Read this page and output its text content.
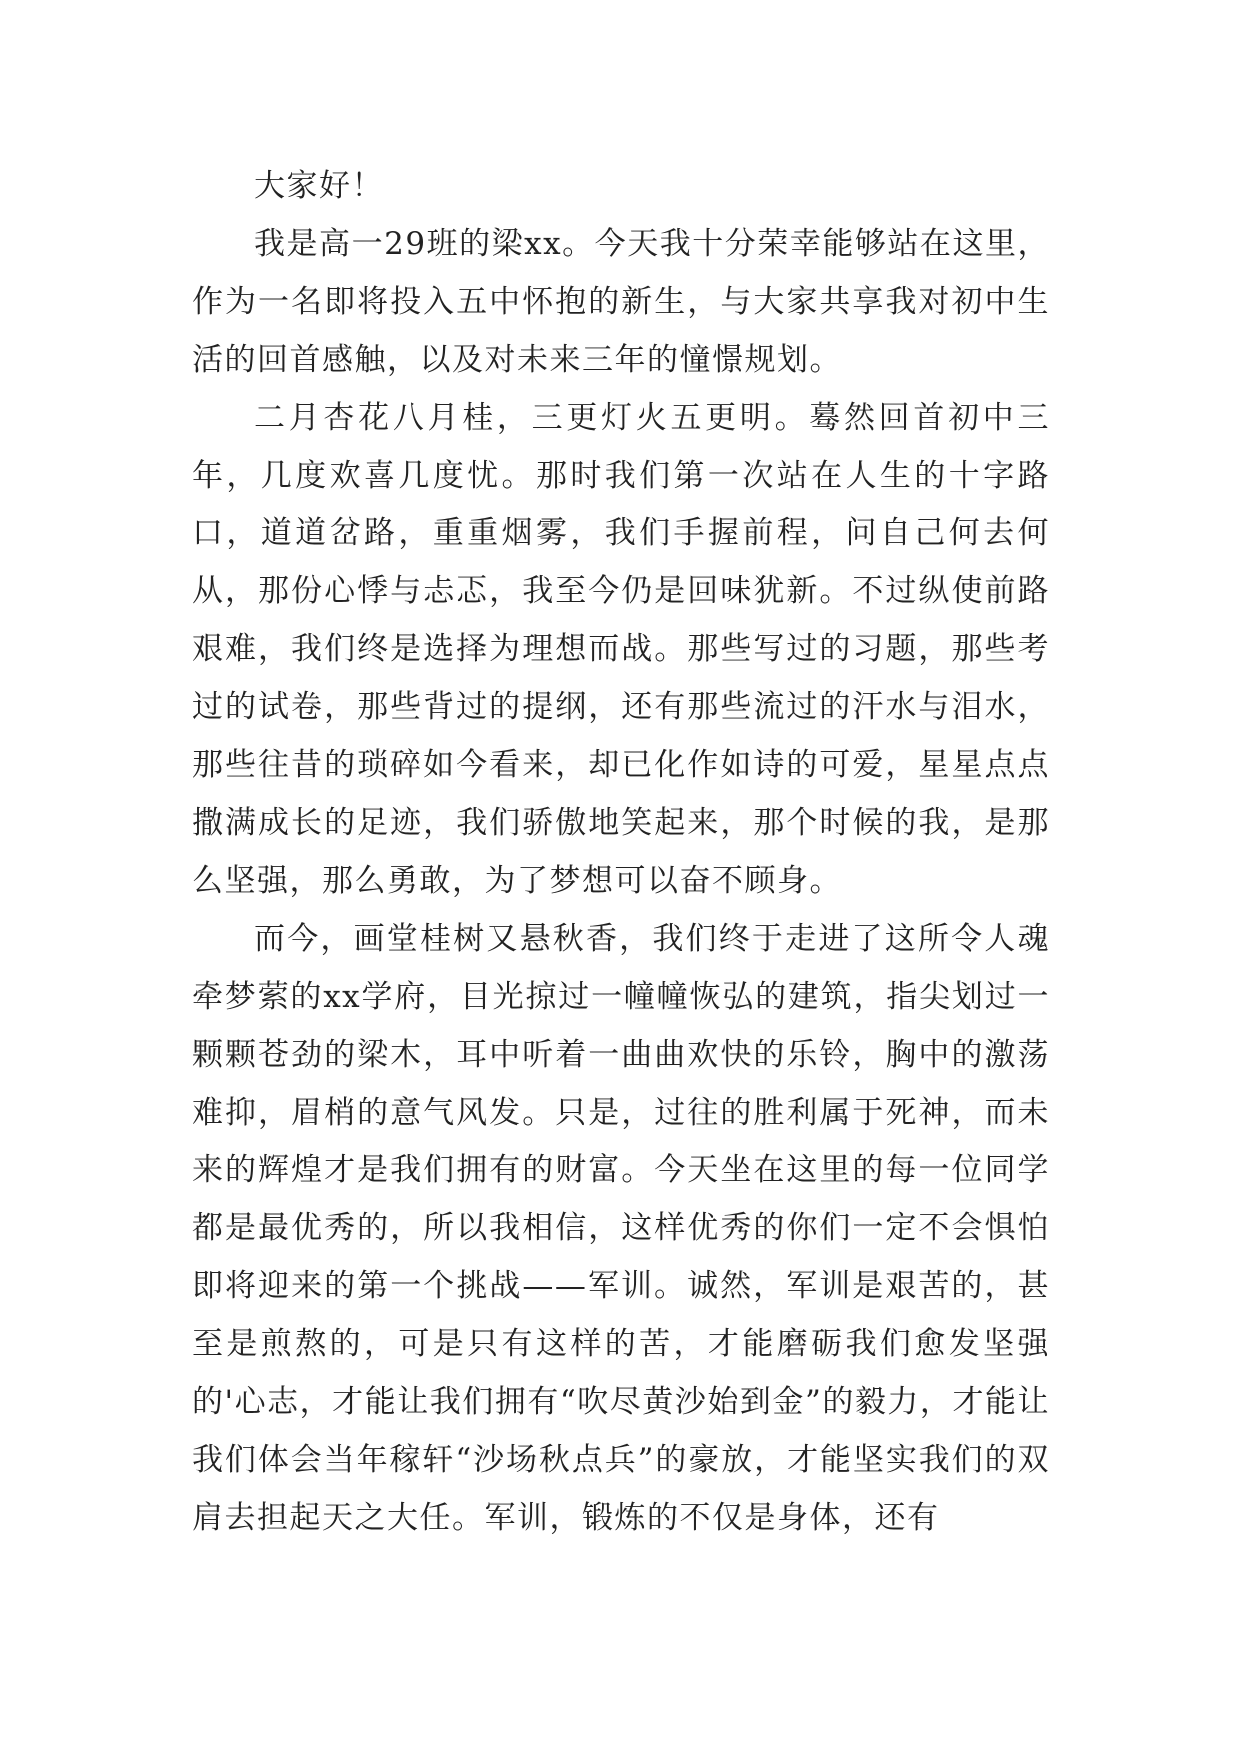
大家好！

我是高一29班的梁xx。今天我十分荣幸能够站在这里，作为一名即将投入五中怀抱的新生，与大家共享我对初中生活的回首感触，以及对未来三年的憧憬规划。

二月杏花八月桂，三更灯火五更明。蓦然回首初中三年，几度欢喜几度忧。那时我们第一次站在人生的十字路口，道道岔路，重重烟雾，我们手握前程，问自己何去何从，那份心悸与忐忑，我至今仍是回味犹新。不过纵使前路艰难，我们终是选择为理想而战。那些写过的习题，那些考过的试卷，那些背过的提纲，还有那些流过的汗水与泪水，那些往昔的琐碎如今看来，却已化作如诗的可爱，星星点点撒满成长的足迹，我们骄傲地笑起来，那个时候的我，是那么坚强，那么勇敢，为了梦想可以奋不顾身。

而今，画堂桂树又悬秋香，我们终于走进了这所令人魂牵梦萦的xx学府，目光掠过一幢幢恢弘的建筑，指尖划过一颗颗苍劲的梁木，耳中听着一曲曲欢快的乐铃，胸中的激荡难抑，眉梢的意气风发。只是，过往的胜利属于死神，而未来的辉煌才是我们拥有的财富。今天坐在这里的每一位同学都是最优秀的，所以我相信，这样优秀的你们一定不会惧怕即将迎来的第一个挑战——军训。诚然，军训是艰苦的，甚至是煎熬的，可是只有这样的苦，才能磨砺我们愈发坚强的'心志，才能让我们拥有“吹尽黄沙始到金”的毅力，才能让我们体会当年稼轩“沙场秋点兵”的豪放，才能坚实我们的双肩去担起天之大任。军训，锻炼的不仅是身体，还有
